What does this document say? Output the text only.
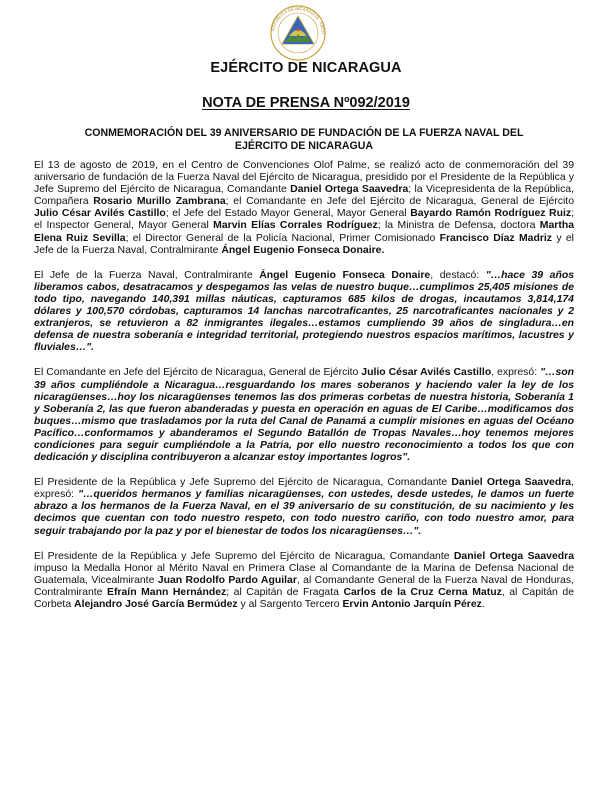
REPÚBLICA DE NICARAGUA · AMÉR
EJÉRCITO DE NICARAGUA
NOTA DE PRENSA Nº092/2019
CONMEMORACIÓN DEL 39 ANIVERSARIO DE FUNDACIÓN DE LA FUERZA NAVAL DEL EJÉRCITO DE NICARAGUA

El 13 de agosto de 2019, en el Centro de Convenciones Olof Palme, se realizó acto de conmemoración del 39 aniversario de fundación de la Fuerza Naval del Ejército de Nicaragua, presidido por el Presidente de la República y Jefe Supremo del Ejército de Nicaragua, Comandante Daniel Ortega Saavedra; la Vicepresidenta de la República, Compañera Rosario Murillo Zambrana; el Comandante en Jefe del Ejército de Nicaragua, General de Ejército Julio César Avilés Castillo; el Jefe del Estado Mayor General, Mayor General Bayardo Ramón Rodríguez Ruiz; el Inspector General, Mayor General Marvin Elías Corrales Rodríguez; la Ministra de Defensa, doctora Martha Elena Ruiz Sevilla; el Director General de la Policía Nacional, Primer Comisionado Francisco Díaz Madriz y el Jefe de la Fuerza Naval, Contralmirante Ángel Eugenio Fonseca Donaire.

El Jefe de la Fuerza Naval, Contralmirante Ángel Eugenio Fonseca Donaire, destacó: "…hace 39 años liberamos cabos, desatracamos y despegamos las velas de nuestro buque…cumplimos 25,405 misiones de todo tipo, navegando 140,391 millas náuticas, capturamos 685 kilos de drogas, incautamos 3,814,174 dólares y 100,570 córdobas, capturamos 14 lanchas narcotraficantes, 25 narcotraficantes nacionales y 2 extranjeros, se retuvieron a 82 inmigrantes ilegales…estamos cumpliendo 39 años de singladura…en defensa de nuestra soberanía e integridad territorial, protegiendo nuestros espacios marítimos, lacustres y fluviales…".

El Comandante en Jefe del Ejército de Nicaragua, General de Ejército Julio César Avilés Castillo, expresó: "…son 39 años cumpliéndole a Nicaragua…resguardando los mares soberanos y haciendo valer la ley de los nicaragüenses…hoy los nicaragüenses tenemos las dos primeras corbetas de nuestra historia, Soberanía 1 y Soberanía 2, las que fueron abanderadas y puesta en operación en aguas de El Caribe…modificamos dos buques…mismo que trasladamos por la ruta del Canal de Panamá a cumplir misiones en aguas del Océano Pacífico…conformamos y abanderamos el Segundo Batallón de Tropas Navales…hoy tenemos mejores condiciones para seguir cumpliéndole a la Patria, por ello nuestro reconocimiento a todos los que con dedicación y disciplina contribuyeron a alcanzar estoy importantes logros".

El Presidente de la República y Jefe Supremo del Ejército de Nicaragua, Comandante Daniel Ortega Saavedra, expresó: "…queridos hermanos y familias nicaragüenses, con ustedes, desde ustedes, le damos un fuerte abrazo a los hermanos de la Fuerza Naval, en el 39 aniversario de su constitución, de su nacimiento y les decimos que cuentan con todo nuestro respeto, con todo nuestro cariño, con todo nuestro amor, para seguir trabajando por la paz y por el bienestar de todos los nicaragüenses…".

El Presidente de la República y Jefe Supremo del Ejército de Nicaragua, Comandante Daniel Ortega Saavedra impuso la Medalla Honor al Mérito Naval en Primera Clase al Comandante de la Marina de Defensa Nacional de Guatemala, Vicealmirante Juan Rodolfo Pardo Aguilar, al Comandante General de la Fuerza Naval de Honduras, Contralmirante Efraín Mann Hernández; al Capitán de Fragata Carlos de la Cruz Cerna Matuz, al Capitán de Corbeta Alejandro José García Bermúdez y al Sargento Tercero Ervin Antonio Jarquín Pérez.
